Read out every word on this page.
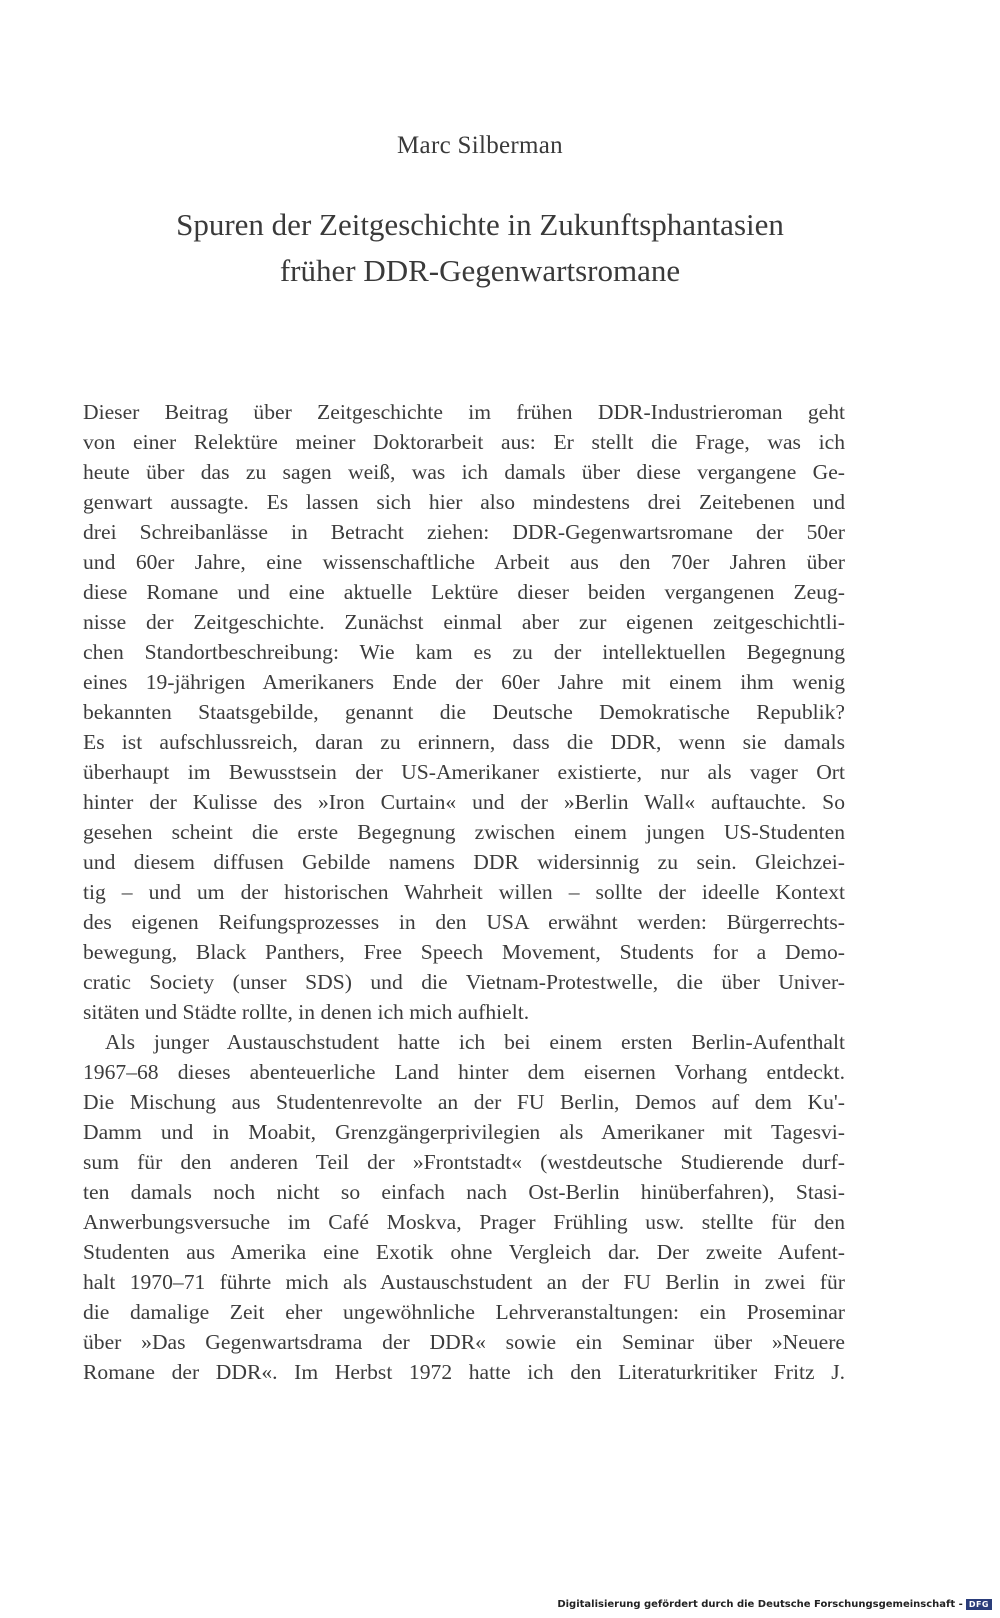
Marc Silberman
Spuren der Zeitgeschichte in Zukunftsphantasien
früher DDR-Gegenwartsromane
Dieser Beitrag über Zeitgeschichte im frühen DDR-Industrieroman geht
von einer Relektüre meiner Doktorarbeit aus: Er stellt die Frage, was ich
heute über das zu sagen weiß, was ich damals über diese vergangene Ge-
genwart aussagte. Es lassen sich hier also mindestens drei Zeitebenen und
drei Schreibanlässe in Betracht ziehen: DDR-Gegenwartsromane der 50er
und 60er Jahre, eine wissenschaftliche Arbeit aus den 70er Jahren über
diese Romane und eine aktuelle Lektüre dieser beiden vergangenen Zeug-
nisse der Zeitgeschichte. Zunächst einmal aber zur eigenen zeitgeschichtli-
chen Standortbeschreibung: Wie kam es zu der intellektuellen Begegnung
eines 19-jährigen Amerikaners Ende der 60er Jahre mit einem ihm wenig
bekannten Staatsgebilde, genannt die Deutsche Demokratische Republik?
Es ist aufschlussreich, daran zu erinnern, dass die DDR, wenn sie damals
überhaupt im Bewusstsein der US-Amerikaner existierte, nur als vager Ort
hinter der Kulisse des »Iron Curtain« und der »Berlin Wall« auftauchte. So
gesehen scheint die erste Begegnung zwischen einem jungen US-Studenten
und diesem diffusen Gebilde namens DDR widersinnig zu sein. Gleichzei-
tig – und um der historischen Wahrheit willen – sollte der ideelle Kontext
des eigenen Reifungsprozesses in den USA erwähnt werden: Bürgerrechts-
bewegung, Black Panthers, Free Speech Movement, Students for a Demo-
cratic Society (unser SDS) und die Vietnam-Protestwelle, die über Univer-
sitäten und Städte rollte, in denen ich mich aufhielt.
Als junger Austauschstudent hatte ich bei einem ersten Berlin-Aufenthalt
1967–68 dieses abenteuerliche Land hinter dem eisernen Vorhang entdeckt.
Die Mischung aus Studentenrevolte an der FU Berlin, Demos auf dem Ku'-
Damm und in Moabit, Grenzgängerprivilegien als Amerikaner mit Tagesvi-
sum für den anderen Teil der »Frontstadt« (westdeutsche Studierende durf-
ten damals noch nicht so einfach nach Ost-Berlin hinüberfahren), Stasi-
Anwerbungsversuche im Café Moskva, Prager Frühling usw. stellte für den
Studenten aus Amerika eine Exotik ohne Vergleich dar. Der zweite Aufent-
halt 1970–71 führte mich als Austauschstudent an der FU Berlin in zwei für
die damalige Zeit eher ungewöhnliche Lehrveranstaltungen: ein Proseminar
über »Das Gegenwartsdrama der DDR« sowie ein Seminar über »Neuere
Romane der DDR«. Im Herbst 1972 hatte ich den Literaturkritiker Fritz J.
Digitalisierung gefördert durch die Deutsche Forschungsgemeinschaft - DFG
